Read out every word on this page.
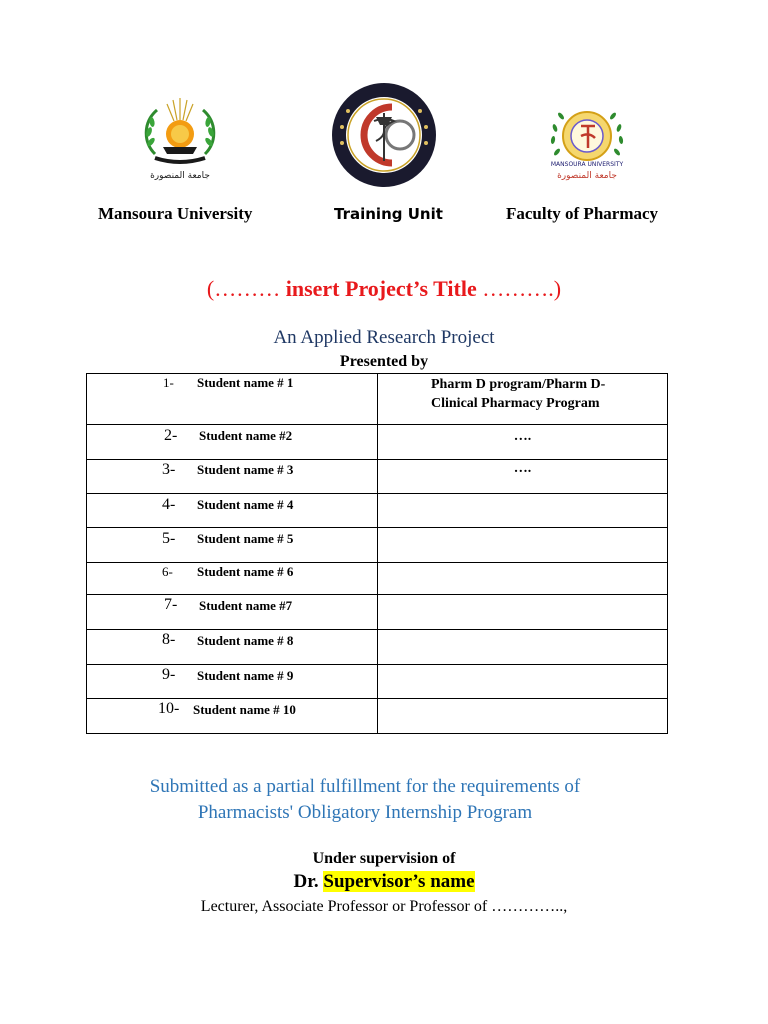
جامعة المنصورة
MANSOURA UNIVERSITY
جامعة المنصورة
Mansoura University	Training Unit	Faculty of Pharmacy
(……… insert Project’s Title ……….)
An Applied Research Project
Presented by
1- Student name # 1	Pharm D program/Pharm D-
Clinical Pharmacy Program

2- Student name #2	….

3- Student name # 3	….

4- Student name # 4	

5- Student name # 5	

6- Student name # 6	

7- Student name #7	

8- Student name # 8	

9- Student name # 9	

10- Student name # 10	

Submitted as a partial fulfillment for the requirements of
Pharmacists' Obligatory Internship Program
Under supervision of
Dr. Supervisor’s name
Lecturer, Associate Professor or Professor of …………..,
